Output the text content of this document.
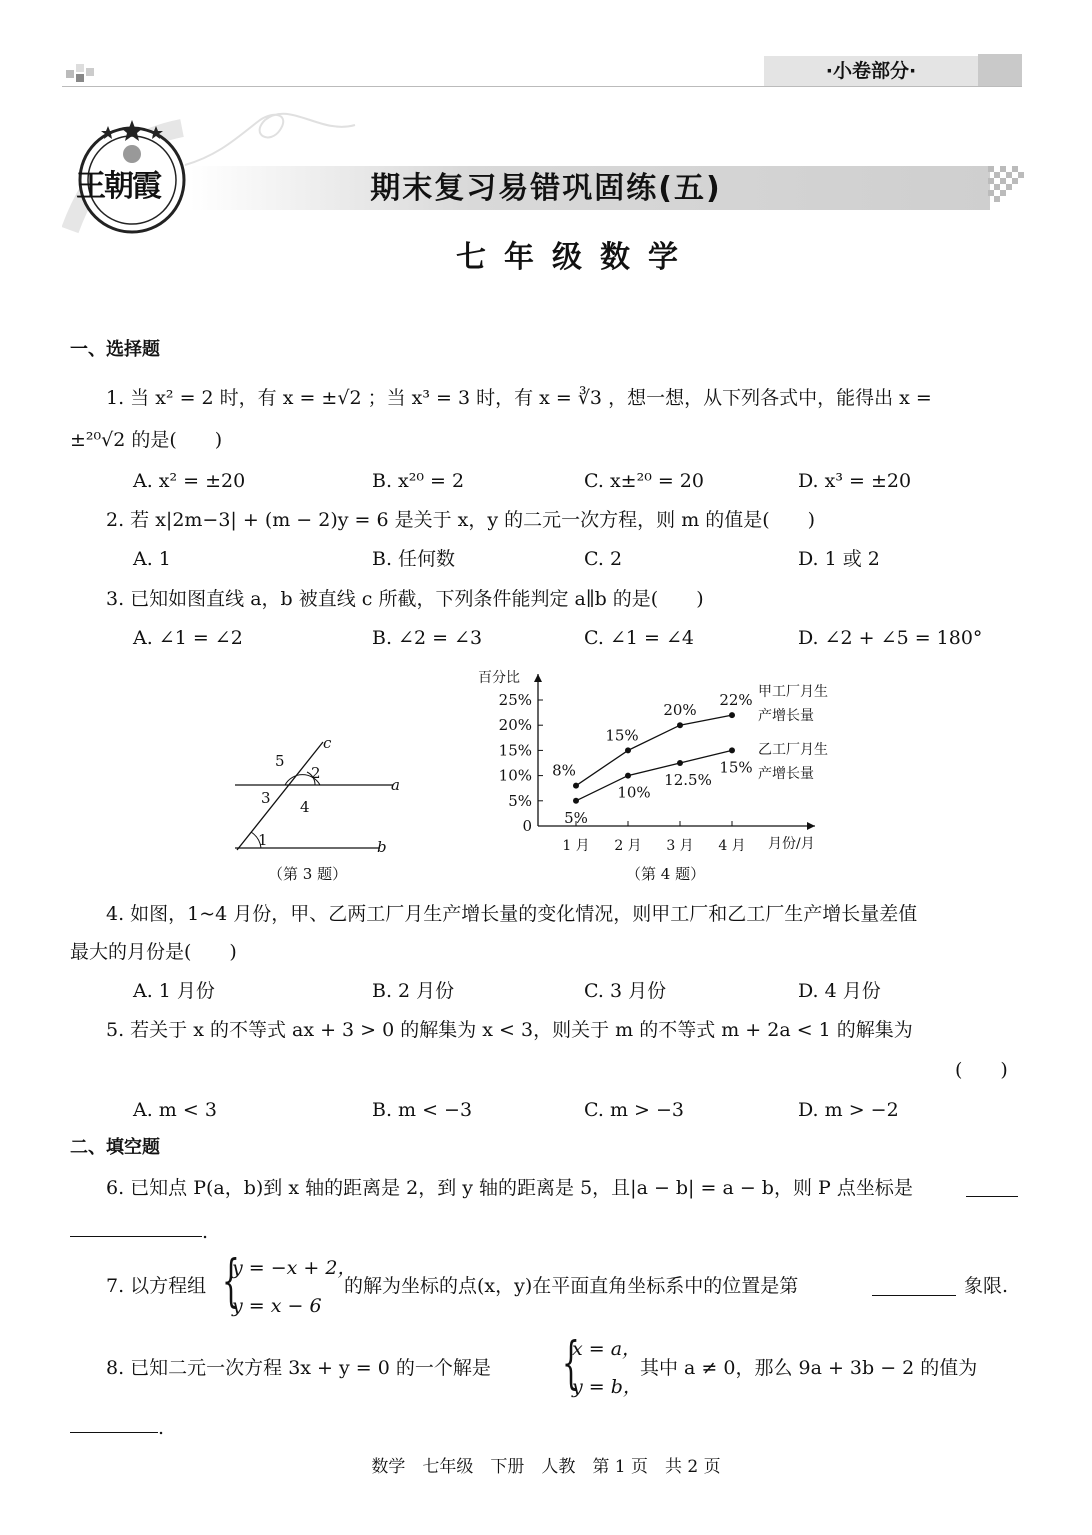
·小卷部分·
王朝霞	期末复习易错巩固练(五)
七年级数学
一、选择题
1. 当 x² = 2 时，有 x = ±√2 ；当 x³ = 3 时，有 x = ∛3 ，想一想，从下列各式中，能得出 x =
±²⁰√2 的是(　　)
A. x² = ±20	B. x²⁰ = 2	C. x±²⁰ = 20	D. x³ = ±20
2. 若 x|2m−3| + (m − 2)y = 6 是关于 x，y 的二元一次方程，则 m 的值是(　　)
A. 1	B. 任何数	C. 2	D. 1 或 2
3. 已知如图直线 a，b 被直线 c 所截，下列条件能判定 a∥b 的是(　　)
A. ∠1 = ∠2	B. ∠2 = ∠3	C. ∠1 = ∠4	D. ∠2 + ∠5 = 180°
1
2
3 4
5
a
b
c
（第 3 题）
百分比
月份/月
0
5%
10%
15%
20%
25%
1 月 2 月 3 月 4 月
8%
15%
20%
22% 甲工厂月生
产增长量
5%
10%
12.5%
15%
乙工厂月生
产增长量
（第 4 题）
4. 如图，1~4 月份，甲、乙两工厂月生产增长量的变化情况，则甲工厂和乙工厂生产增长量差值
最大的月份是(　　)
A. 1 月份	B. 2 月份	C. 3 月份	D. 4 月份
5. 若关于 x 的不等式 ax + 3 > 0 的解集为 x < 3，则关于 m 的不等式 m + 2a < 1 的解集为
(　　)
A. m < 3	B. m < −3	C. m > −3	D. m > −2
二、填空题
6. 已知点 P(a，b)到 x 轴的距离是 2，到 y 轴的距离是 5，且|a − b| = a − b，则 P 点坐标是
.
7. 以方程组 {
y = −x + 2，
y = x − 6
的解为坐标的点(x，y)在平面直角坐标系中的位置是第	象限.
8. 已知二元一次方程 3x + y = 0 的一个解是 {
x = a，
y = b，
其中 a ≠ 0，那么 9a + 3b − 2 的值为
.
数学　七年级　下册　人教　第 1 页　共 2 页
